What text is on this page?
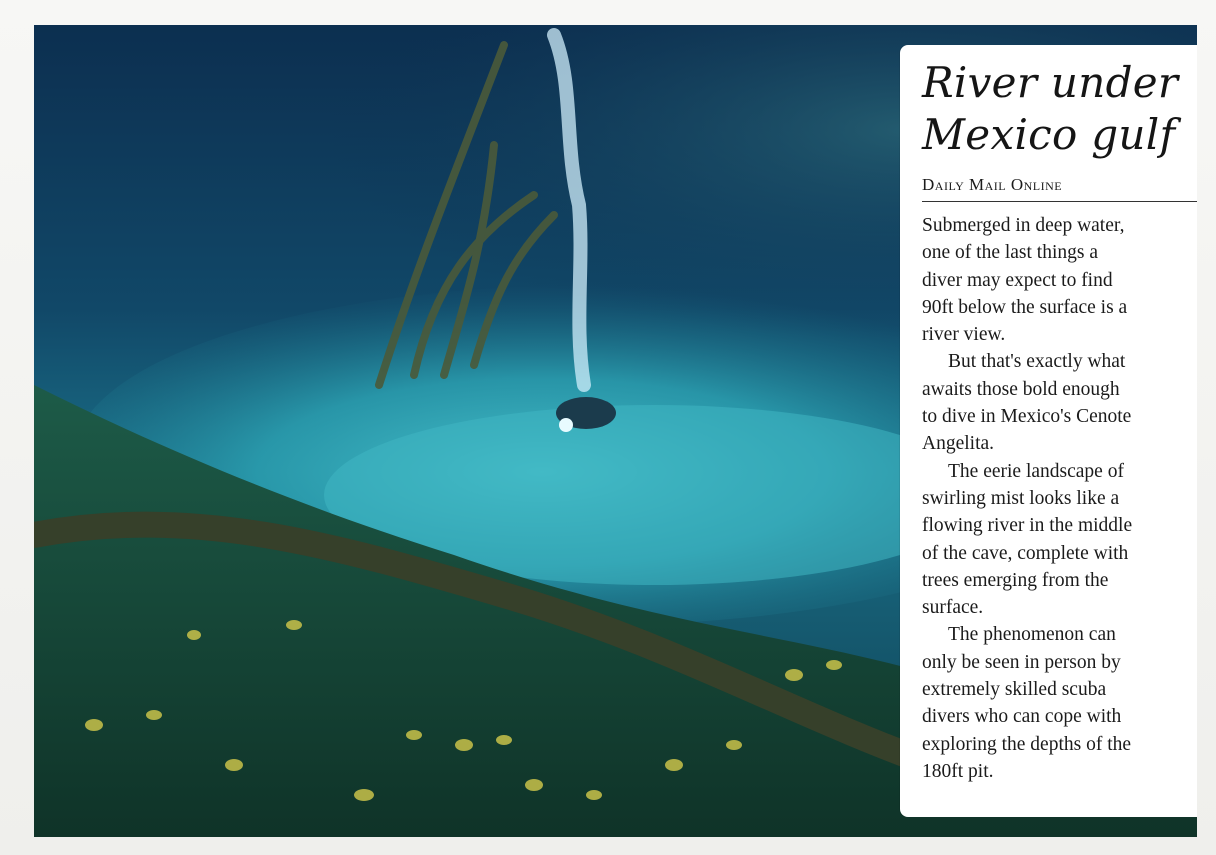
River under
Mexico gulf
Daily Mail Online

Submerged in deep water,
one of the last things a
diver may expect to find
90ft below the surface is a
river view.

But that's exactly what
awaits those bold enough
to dive in Mexico's Cenote
Angelita.

The eerie landscape of
swirling mist looks like a
flowing river in the middle
of the cave, complete with
trees emerging from the
surface.

The phenomenon can
only be seen in person by
extremely skilled scuba
divers who can cope with
exploring the depths of the
180ft pit.
